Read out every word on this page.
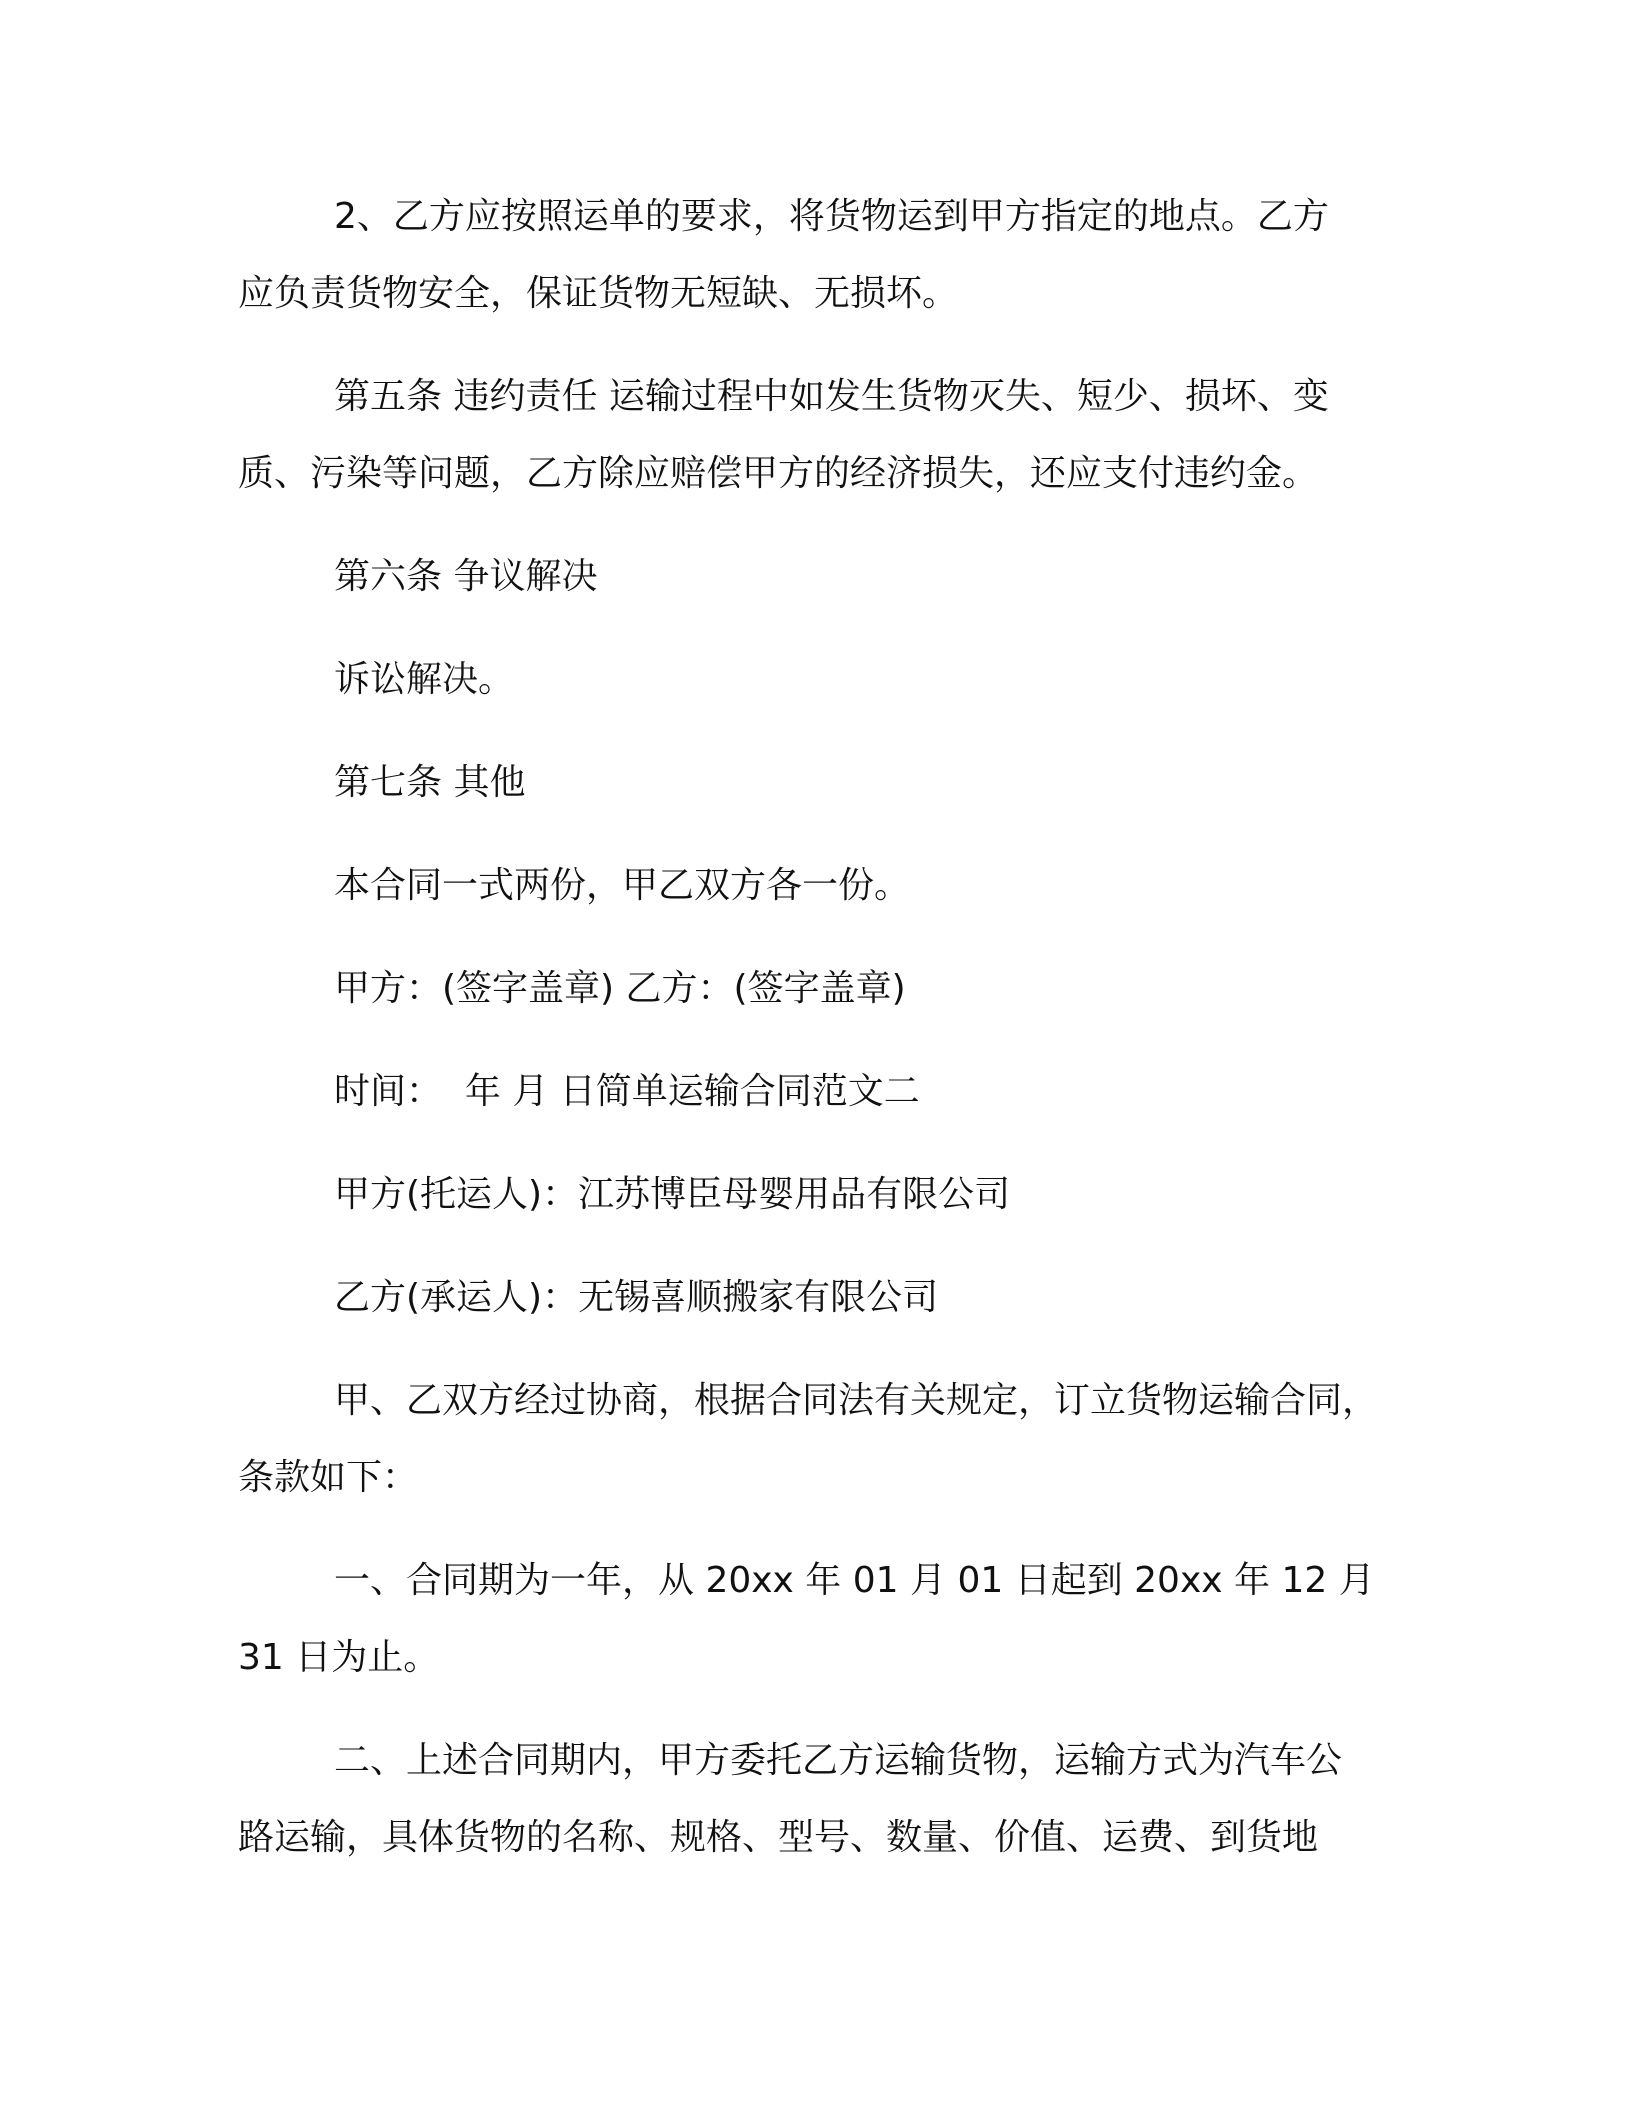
2、乙方应按照运单的要求，将货物运到甲方指定的地点。乙方
应负责货物安全，保证货物无短缺、无损坏。
第五条 违约责任 运输过程中如发生货物灭失、短少、损坏、变
质、污染等问题，乙方除应赔偿甲方的经济损失，还应支付违约金。
第六条 争议解决
诉讼解决。
第七条 其他
本合同一式两份，甲乙双方各一份。
甲方：(签字盖章) 乙方：(签字盖章)
时间：  年 月 日简单运输合同范文二
甲方(托运人)：江苏博臣母婴用品有限公司
乙方(承运人)：无锡喜顺搬家有限公司
甲、乙双方经过协商，根据合同法有关规定，订立货物运输合同，
条款如下：
一、合同期为一年，从 20xx 年 01 月 01 日起到 20xx 年 12 月
31 日为止。
二、上述合同期内，甲方委托乙方运输货物，运输方式为汽车公
路运输，具体货物的名称、规格、型号、数量、价值、运费、到货地
